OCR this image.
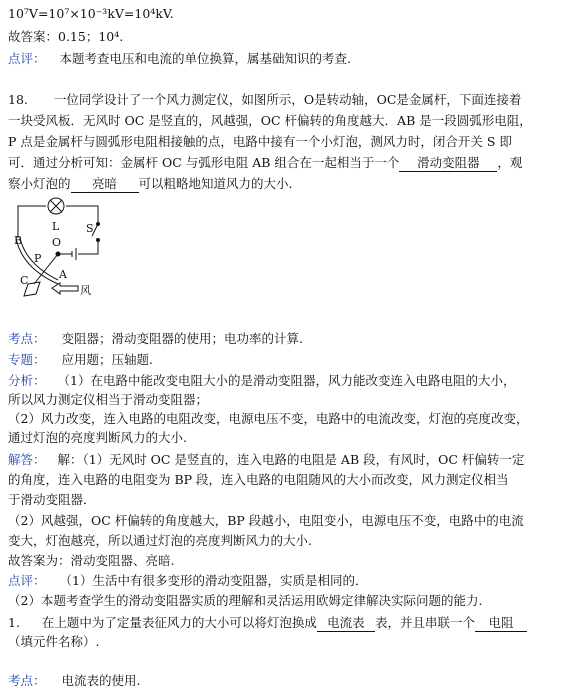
10⁷V=10⁷×10⁻³kV=10⁴kV.
故答案：0.15；10⁴.
点评： 本题考查电压和电流的单位换算，属基础知识的考查.
18. 一位同学设计了一个风力测定仪，如图所示，O是转动轴，OC是金属杆，下面连接着
一块受风板．无风时 OC 是竖直的，风越强，OC 杆偏转的角度越大．AB 是一段圆弧形电阻，
P 点是金属杆与圆弧形电阻相接触的点，电路中接有一个小灯泡，测风力时，闭合开关 S 即
可．通过分析可知：金属杆 OC 与弧形电阻 AB 组合在一起相当于一个 滑动变阻器 ，观
察小灯泡的 亮暗 可以粗略地知道风力的大小.
B
L
O
S
P
A
C
风
考点： 变阻器；滑动变阻器的使用；电功率的计算.
专题： 应用题；压轴题.
分析： （1）在电路中能改变电阻大小的是滑动变阻器，风力能改变连入电路电阻的大小，
所以风力测定仪相当于滑动变阻器；
（2）风力改变，连入电路的电阻改变，电源电压不变，电路中的电流改变，灯泡的亮度改变，
通过灯泡的亮度判断风力的大小.
解答： 解：（1）无风时 OC 是竖直的，连入电路的电阻是 AB 段，有风时，OC 杆偏转一定
的角度，连入电路的电阻变为 BP 段，连入电路的电阻随风的大小而改变，风力测定仪相当
于滑动变阻器．
（2）风越强，OC 杆偏转的角度越大，BP 段越小，电阻变小，电源电压不变，电路中的电流
变大，灯泡越亮，所以通过灯泡的亮度判断风力的大小.
故答案为：滑动变阻器、亮暗.
点评： （1）生活中有很多变形的滑动变阻器，实质是相同的．
（2）本题考查学生的滑动变阻器实质的理解和灵活运用欧姆定律解决实际问题的能力.
1. 在上题中为了定量表征风力的大小可以将灯泡换成 电流表 表，并且串联一个 电阻
（填元件名称）.
考点： 电流表的使用.
